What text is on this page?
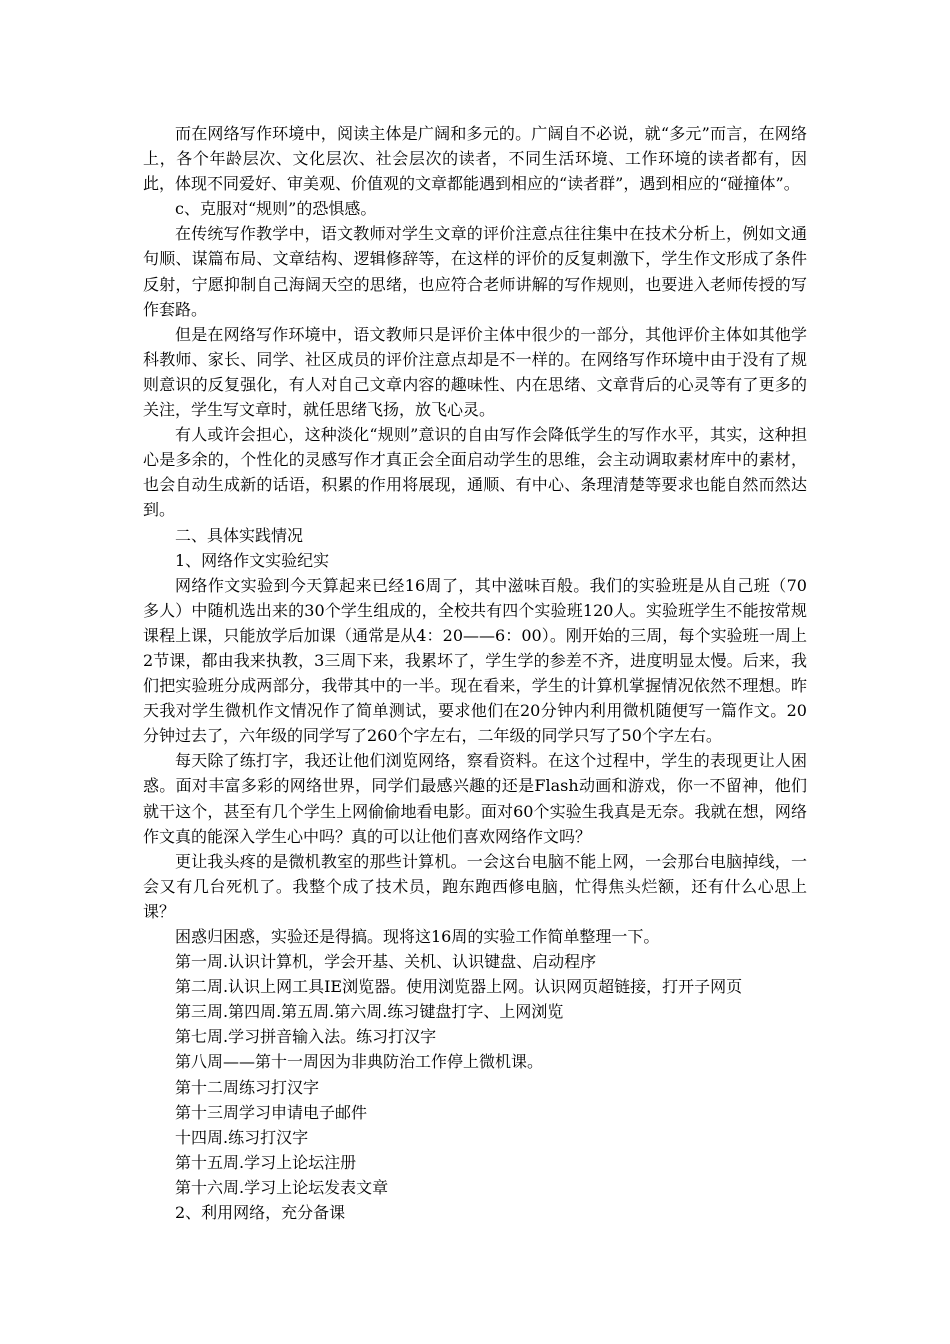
而在网络写作环境中，阅读主体是广阔和多元的。广阔自不必说，就“多元”而言，在网络上，各个年龄层次、文化层次、社会层次的读者，不同生活环境、工作环境的读者都有，因此，体现不同爱好、审美观、价值观的文章都能遇到相应的“读者群”，遇到相应的“碰撞体”。

c、克服对“规则”的恐惧感。

在传统写作教学中，语文教师对学生文章的评价注意点往往集中在技术分析上，例如文通句顺、谋篇布局、文章结构、逻辑修辞等，在这样的评价的反复刺激下，学生作文形成了条件反射，宁愿抑制自己海阔天空的思绪，也应符合老师讲解的写作规则，也要进入老师传授的写作套路。

但是在网络写作环境中，语文教师只是评价主体中很少的一部分，其他评价主体如其他学科教师、家长、同学、社区成员的评价注意点却是不一样的。在网络写作环境中由于没有了规则意识的反复强化，有人对自己文章内容的趣味性、内在思绪、文章背后的心灵等有了更多的关注，学生写文章时，就任思绪飞扬，放飞心灵。

有人或许会担心，这种淡化“规则”意识的自由写作会降低学生的写作水平，其实，这种担心是多余的，个性化的灵感写作才真正会全面启动学生的思维，会主动调取素材库中的素材，也会自动生成新的话语，积累的作用将展现，通顺、有中心、条理清楚等要求也能自然而然达到。

二、具体实践情况

1、网络作文实验纪实

网络作文实验到今天算起来已经16周了，其中滋味百般。我们的实验班是从自己班（70多人）中随机选出来的30个学生组成的，全校共有四个实验班120人。实验班学生不能按常规课程上课，只能放学后加课（通常是从4：20——6：00）。刚开始的三周，每个实验班一周上2节课，都由我来执教，3三周下来，我累坏了，学生学的参差不齐，进度明显太慢。后来，我们把实验班分成两部分，我带其中的一半。现在看来，学生的计算机掌握情况依然不理想。昨天我对学生微机作文情况作了简单测试，要求他们在20分钟内利用微机随便写一篇作文。20分钟过去了，六年级的同学写了260个字左右，二年级的同学只写了50个字左右。

每天除了练打字，我还让他们浏览网络，察看资料。在这个过程中，学生的表现更让人困惑。面对丰富多彩的网络世界，同学们最感兴趣的还是Flash动画和游戏，你一不留神，他们就干这个，甚至有几个学生上网偷偷地看电影。面对60个实验生我真是无奈。我就在想，网络作文真的能深入学生心中吗？真的可以让他们喜欢网络作文吗？

更让我头疼的是微机教室的那些计算机。一会这台电脑不能上网，一会那台电脑掉线，一会又有几台死机了。我整个成了技术员，跑东跑西修电脑，忙得焦头烂额，还有什么心思上课？

困惑归困惑，实验还是得搞。现将这16周的实验工作简单整理一下。

第一周.认识计算机，学会开基、关机、认识键盘、启动程序

第二周.认识上网工具IE浏览器。使用浏览器上网。认识网页超链接，打开子网页

第三周.第四周.第五周.第六周.练习键盘打字、上网浏览

第七周.学习拼音输入法。练习打汉字

第八周——第十一周因为非典防治工作停上微机课。

第十二周练习打汉字

第十三周学习申请电子邮件

十四周.练习打汉字

第十五周.学习上论坛注册

第十六周.学习上论坛发表文章

2、利用网络，充分备课
